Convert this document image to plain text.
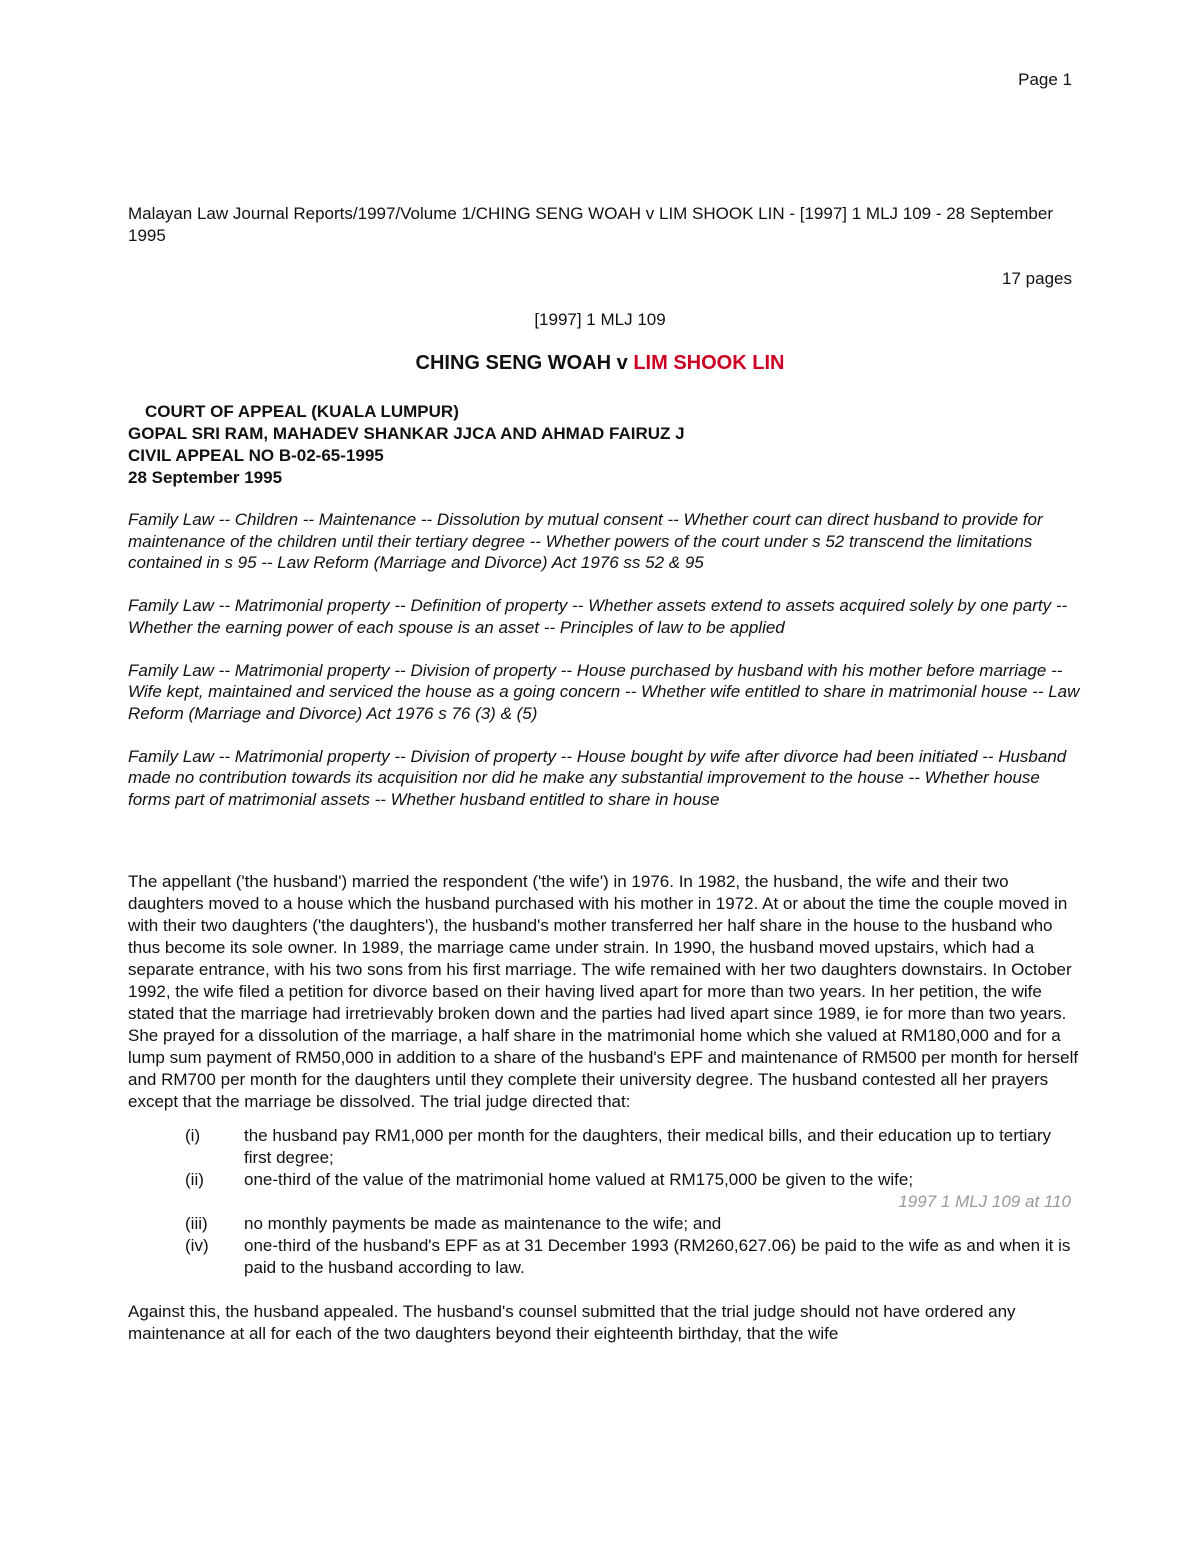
Page 1
Malayan Law Journal Reports/1997/Volume 1/CHING SENG WOAH v LIM SHOOK LIN - [1997] 1 MLJ 109 - 28 September 1995
17 pages
[1997] 1 MLJ 109
CHING SENG WOAH v LIM SHOOK LIN
COURT OF APPEAL (KUALA LUMPUR)
GOPAL SRI RAM, MAHADEV SHANKAR JJCA AND AHMAD FAIRUZ J
CIVIL APPEAL NO B-02-65-1995
28 September 1995

Family Law -- Children -- Maintenance -- Dissolution by mutual consent -- Whether court can direct husband to provide for maintenance of the children until their tertiary degree -- Whether powers of the court under s 52 transcend the limitations contained in s 95 -- Law Reform (Marriage and Divorce) Act 1976 ss 52 & 95

Family Law -- Matrimonial property -- Definition of property -- Whether assets extend to assets acquired solely by one party -- Whether the earning power of each spouse is an asset -- Principles of law to be applied

Family Law -- Matrimonial property -- Division of property -- House purchased by husband with his mother before marriage -- Wife kept, maintained and serviced the house as a going concern -- Whether wife entitled to share in matrimonial house -- Law Reform (Marriage and Divorce) Act 1976 s 76 (3) & (5)

Family Law -- Matrimonial property -- Division of property -- House bought by wife after divorce had been initiated -- Husband made no contribution towards its acquisition nor did he make any substantial improvement to the house -- Whether house forms part of matrimonial assets -- Whether husband entitled to share in house

The appellant ('the husband') married the respondent ('the wife') in 1976. In 1982, the husband, the wife and their two daughters moved to a house which the husband purchased with his mother in 1972. At or about the time the couple moved in with their two daughters ('the daughters'), the husband's mother transferred her half share in the house to the husband who thus become its sole owner. In 1989, the marriage came under strain. In 1990, the husband moved upstairs, which had a separate entrance, with his two sons from his first marriage. The wife remained with her two daughters downstairs. In October 1992, the wife filed a petition for divorce based on their having lived apart for more than two years. In her petition, the wife stated that the marriage had irretrievably broken down and the parties had lived apart since 1989, ie for more than two years. She prayed for a dissolution of the marriage, a half share in the matrimonial home which she valued at RM180,000 and for a lump sum payment of RM50,000 in addition to a share of the husband's EPF and maintenance of RM500 per month for herself and RM700 per month for the daughters until they complete their university degree. The husband contested all her prayers except that the marriage be dissolved. The trial judge directed that:

(i)	the husband pay RM1,000 per month for the daughters, their medical bills, and their education up to tertiary first degree;
(ii) one-third of the value of the matrimonial home valued at RM175,000 be given to the wife;
1997 1 MLJ 109 at 110
(iii) no monthly payments be made as maintenance to the wife; and
(iv) one-third of the husband's EPF as at 31 December 1993 (RM260,627.06) be paid to the wife as and when it is paid to the husband according to law.

Against this, the husband appealed. The husband's counsel submitted that the trial judge should not have ordered any maintenance at all for each of the two daughters beyond their eighteenth birthday, that the wife
